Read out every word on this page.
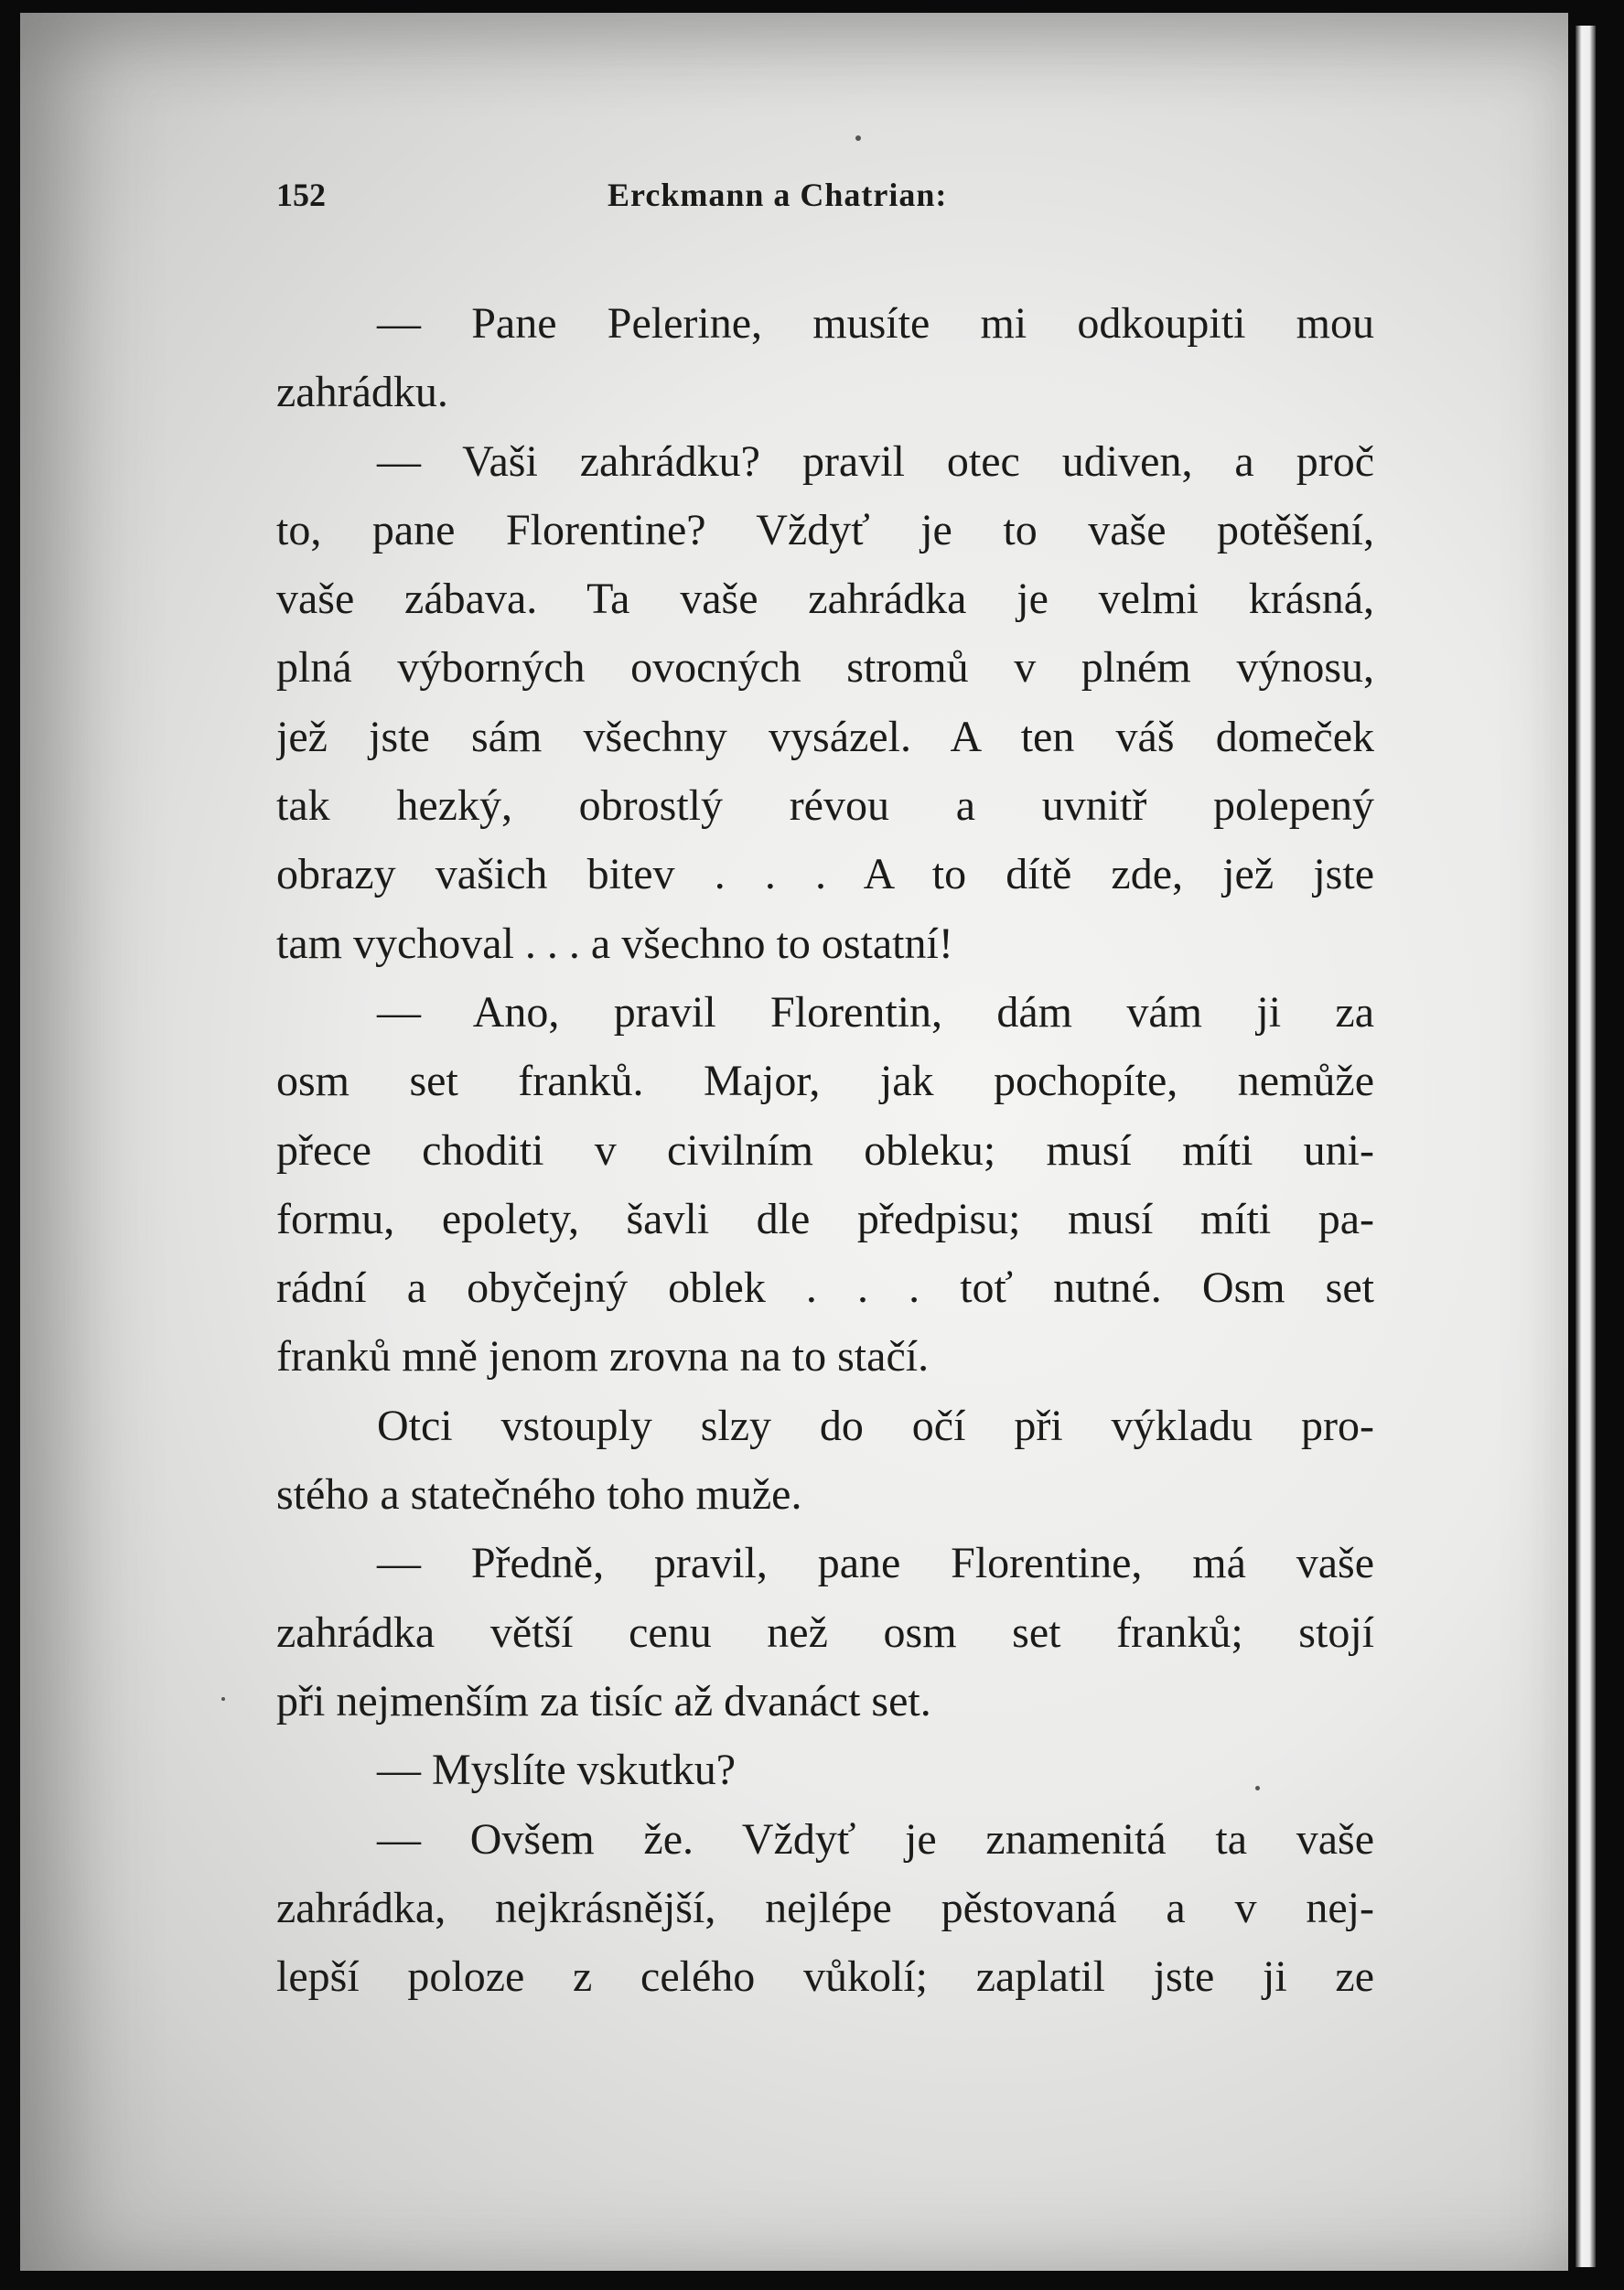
152	Erckmann a Chatrian:
— Pane Pelerine, musíte mi odkoupiti mou
zahrádku.
— Vaši zahrádku? pravil otec udiven, a proč
to, pane Florentine? Vždyť je to vaše potěšení,
vaše zábava. Ta vaše zahrádka je velmi krásná,
plná výborných ovocných stromů v plném výnosu,
jež jste sám všechny vysázel. A ten váš domeček
tak hezký, obrostlý révou a uvnitř polepený
obrazy vašich bitev . . . A to dítě zde, jež jste
tam vychoval . . . a všechno to ostatní!
— Ano, pravil Florentin, dám vám ji za
osm set franků. Major, jak pochopíte, nemůže
přece choditi v civilním obleku; musí míti uni-
formu, epolety, šavli dle předpisu; musí míti pa-
rádní a obyčejný oblek . . . toť nutné. Osm set
franků mně jenom zrovna na to stačí.
Otci vstouply slzy do očí při výkladu pro-
stého a statečného toho muže.
— Předně, pravil, pane Florentine, má vaše
zahrádka větší cenu než osm set franků; stojí
při nejmenším za tisíc až dvanáct set.
— Myslíte vskutku?
— Ovšem že. Vždyť je znamenitá ta vaše
zahrádka, nejkrásnější, nejlépe pěstovaná a v nej-
lepší poloze z celého vůkolí; zaplatil jste ji ze
